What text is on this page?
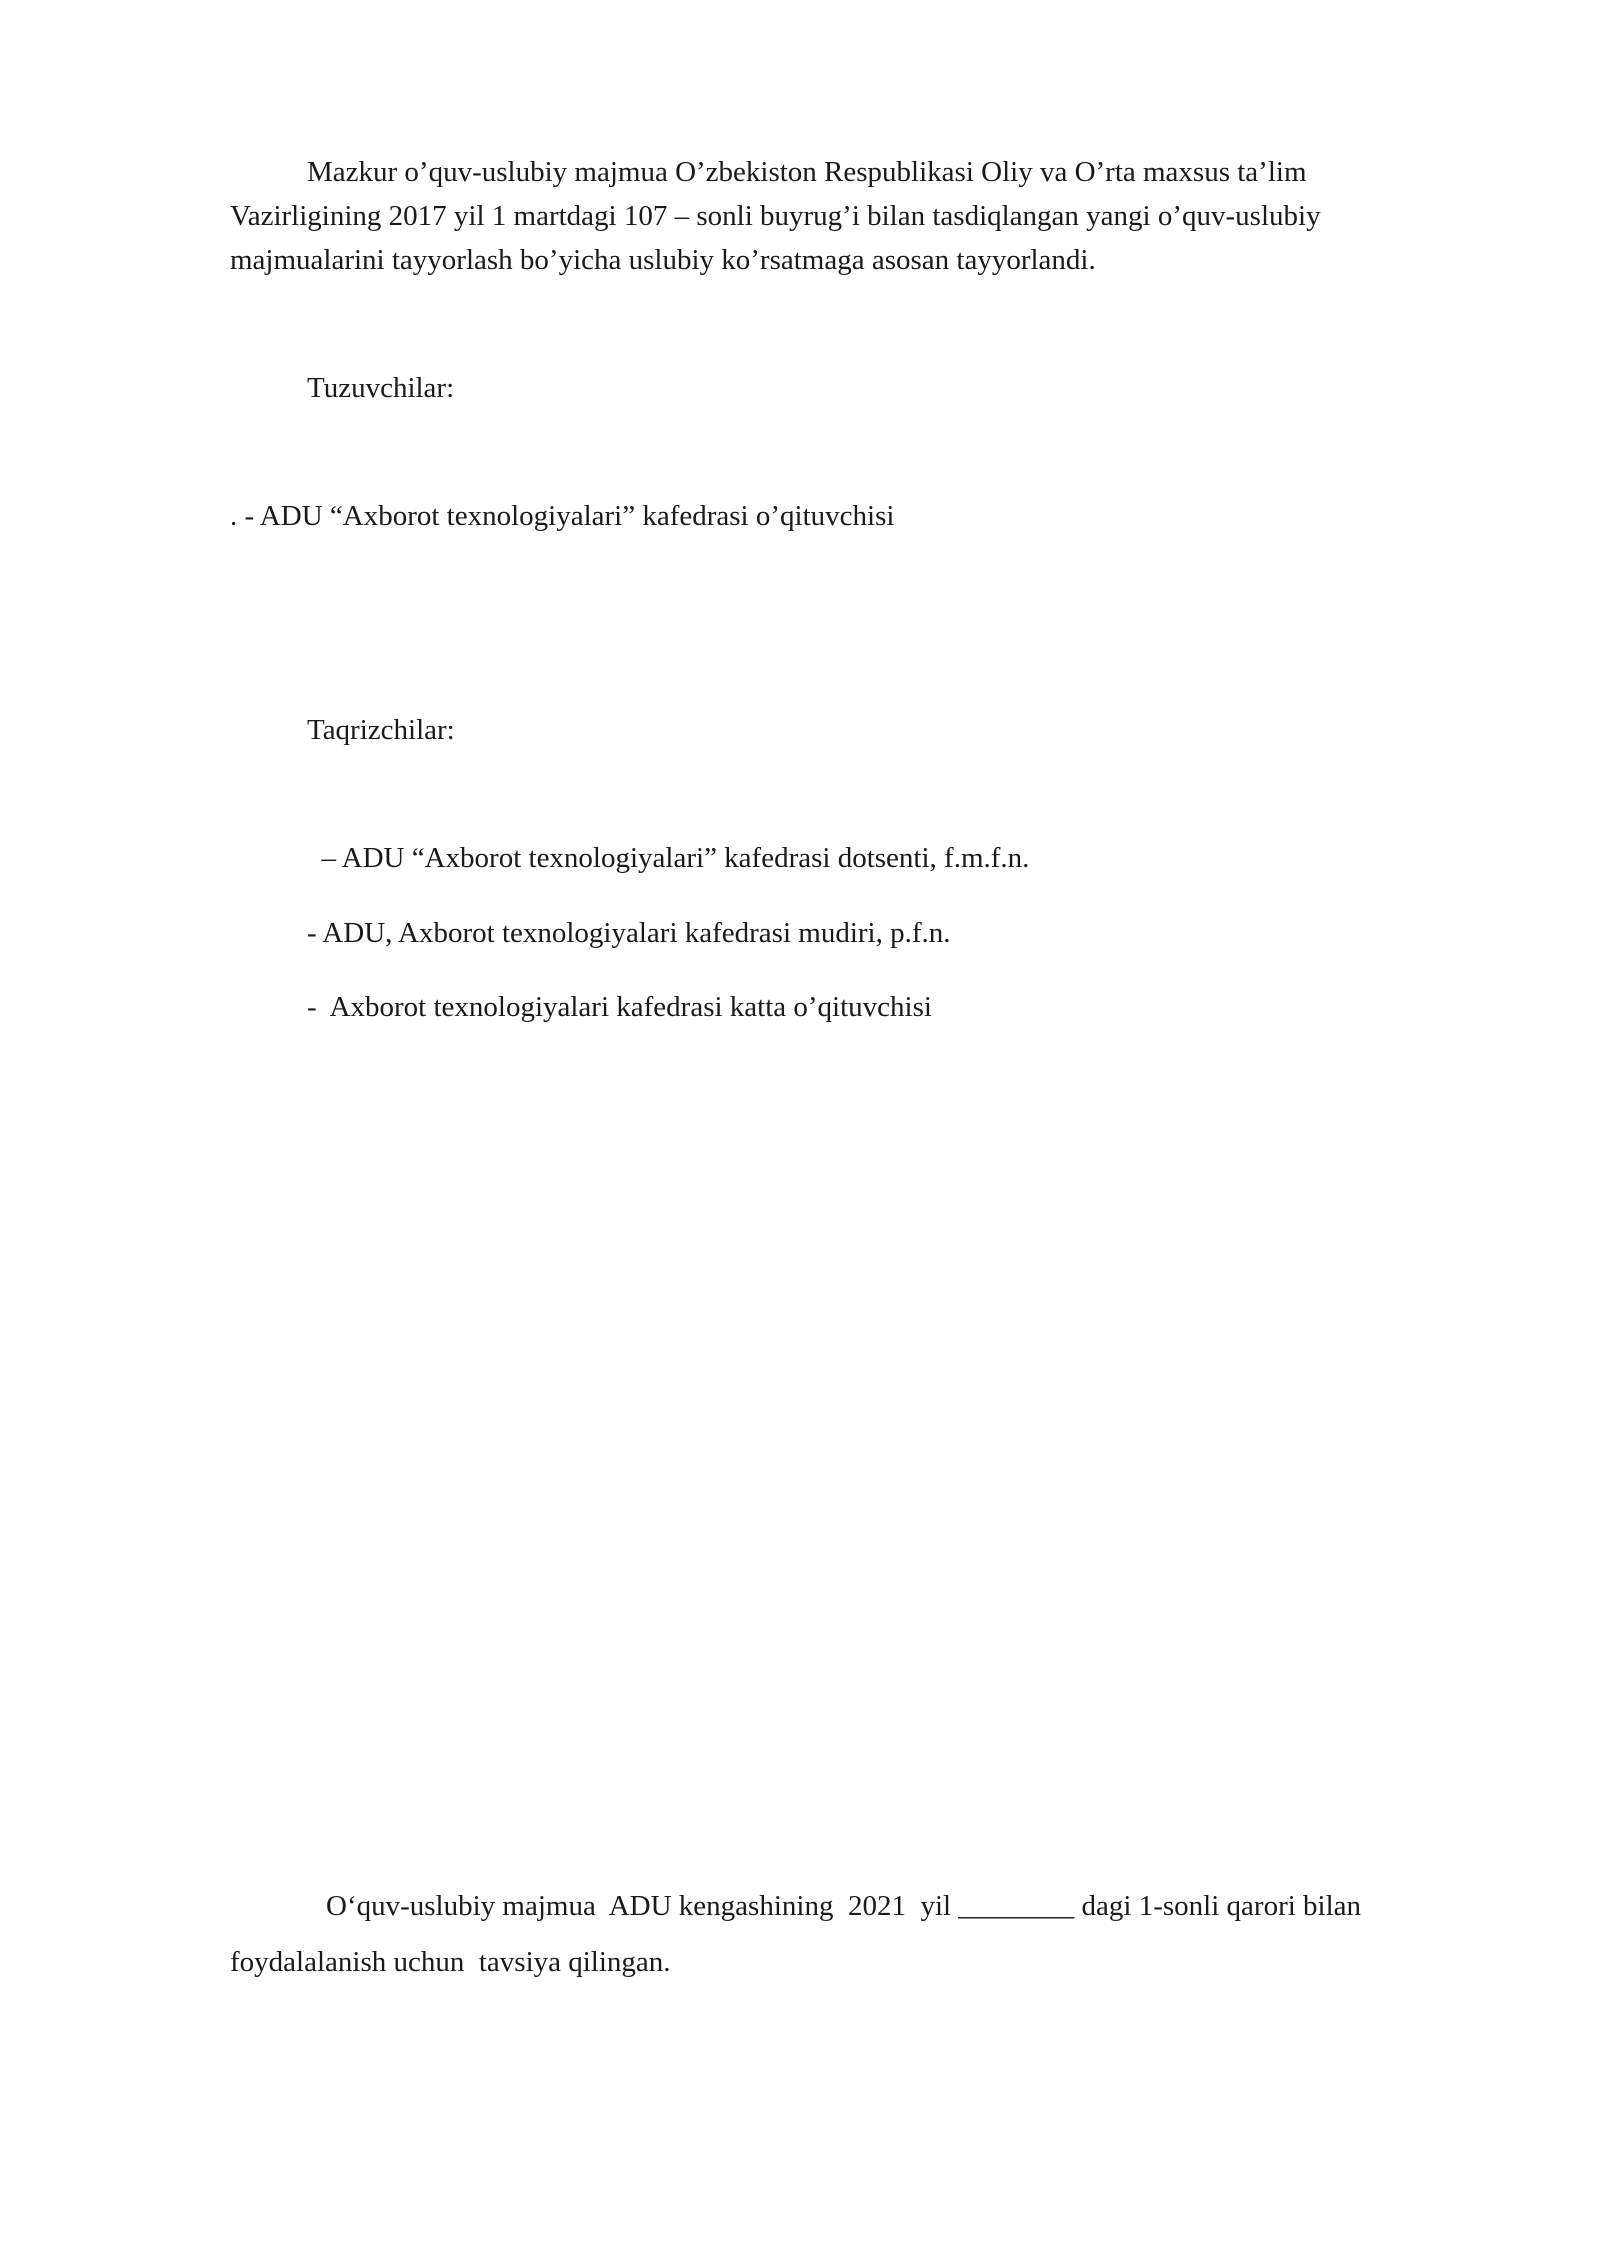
Mazkur o’quv-uslubiy majmua O’zbekiston Respublikasi Oliy va O’rta maxsus ta’lim
Vazirligining 2017 yil 1 martdagi 107 – sonli buyrug’i bilan tasdiqlangan yangi o’quv-uslubiy
majmualarini tayyorlash bo’yicha uslubiy ko’rsatmaga asosan tayyorlandi.
Tuzuvchilar:
. - ADU “Axborot texnologiyalari” kafedrasi o’qituvchisi
Taqrizchilar:
– ADU “Axborot texnologiyalari” kafedrasi dotsenti, f.m.f.n.
- ADU, Axborot texnologiyalari kafedrasi mudiri, p.f.n.
-  Axborot texnologiyalari kafedrasi katta o’qituvchisi
O‘quv-uslubiy majmua  ADU kengashining  2021  yil ________ dagi 1-sonli qarori bilan
foydalalanish uchun  tavsiya qilingan.
